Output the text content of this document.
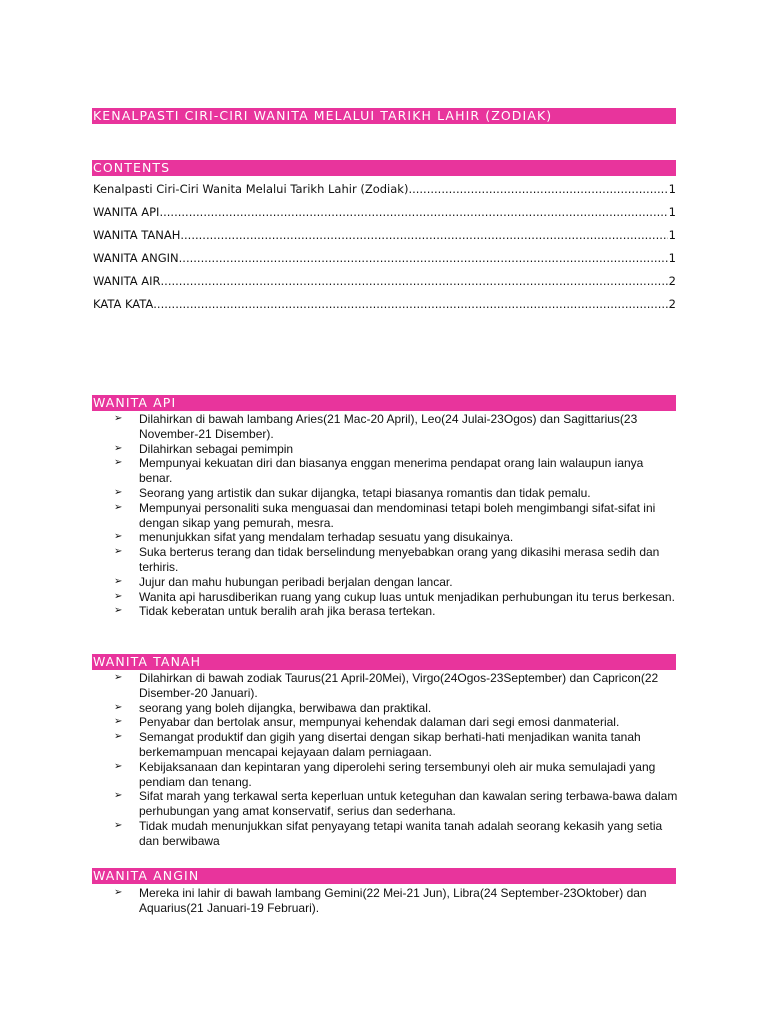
KENALPASTI CIRI-CIRI WANITA MELALUI TARIKH LAHIR (ZODIAK)
CONTENTS
Kenalpasti Ciri-Ciri Wanita Melalui Tarikh Lahir (Zodiak) .....	1
WANITA API .....	1
WANITA TANAH .....	1
WANITA ANGIN .....	1
WANITA AIR .....	2
KATA KATA .....	2
WANITA API
➢ Dilahirkan di bawah lambang Aries(21 Mac-20 April), Leo(24 Julai-23Ogos) dan Sagittarius(23 November-21 Disember).
➢ Dilahirkan sebagai pemimpin
➢ Mempunyai kekuatan diri dan biasanya enggan menerima pendapat orang lain walaupun ianya benar.
➢ Seorang yang artistik dan sukar dijangka, tetapi biasanya romantis dan tidak pemalu.
➢ Mempunyai personaliti suka menguasai dan mendominasi tetapi boleh mengimbangi sifat-sifat ini dengan sikap yang pemurah, mesra.
➢ menunjukkan sifat yang mendalam terhadap sesuatu yang disukainya.
➢ Suka berterus terang dan tidak berselindung menyebabkan orang yang dikasihi merasa sedih dan terhiris.
➢ Jujur dan mahu hubungan peribadi berjalan dengan lancar.
➢ Wanita api harusdiberikan ruang yang cukup luas untuk menjadikan perhubungan itu terus berkesan.
➢ Tidak keberatan untuk beralih arah jika berasa tertekan.
WANITA TANAH
➢ Dilahirkan di bawah zodiak Taurus(21 April-20Mei), Virgo(24Ogos-23September) dan Capricon(22 Disember-20 Januari).
➢ seorang yang boleh dijangka, berwibawa dan praktikal.
➢ Penyabar dan bertolak ansur, mempunyai kehendak dalaman dari segi emosi danmaterial.
➢ Semangat produktif dan gigih yang disertai dengan sikap berhati-hati menjadikan wanita tanah berkemampuan mencapai kejayaan dalam perniagaan.
➢ Kebijaksanaan dan kepintaran yang diperolehi sering tersembunyi oleh air muka semulajadi yang pendiam dan tenang.
➢ Sifat marah yang terkawal serta keperluan untuk keteguhan dan kawalan sering terbawa-bawa dalam perhubungan yang amat konservatif, serius dan sederhana.
➢ Tidak mudah menunjukkan sifat penyayang tetapi wanita tanah adalah seorang kekasih yang setia dan berwibawa
WANITA ANGIN
➢ Mereka ini lahir di bawah lambang Gemini(22 Mei-21 Jun), Libra(24 September-23Oktober) dan Aquarius(21 Januari-19 Februari).
